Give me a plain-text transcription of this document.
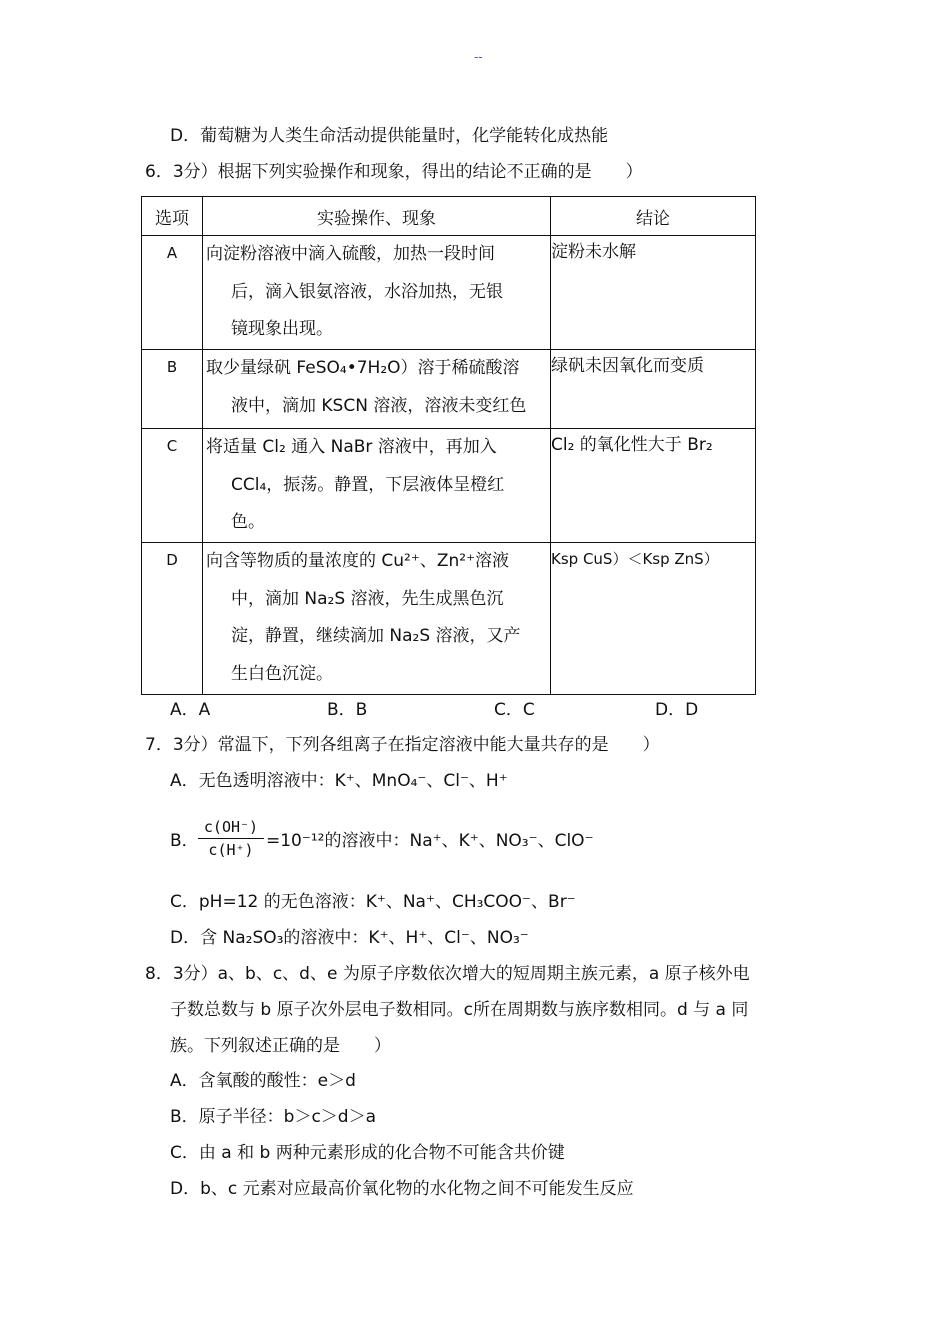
--
D．葡萄糖为人类生命活动提供能量时，化学能转化成热能
6．3分）根据下列实验操作和现象，得出的结论不正确的是　　）
选项	实验操作、现象	结论
A	向淀粉溶液中滴入硫酸，加热一段时间
后，滴入银氨溶液，水浴加热，无银
镜现象出现。	淀粉未水解
B	取少量绿矾 FeSO₄•7H₂O）溶于稀硫酸溶
液中，滴加 KSCN 溶液，溶液未变红色	绿矾未因氧化而变质
C	将适量 Cl₂ 通入 NaBr 溶液中，再加入
CCl₄，振荡。静置，下层液体呈橙红
色。	Cl₂ 的氧化性大于 Br₂
D	向含等物质的量浓度的 Cu²⁺、Zn²⁺溶液
中，滴加 Na₂S 溶液，先生成黑色沉
淀，静置，继续滴加 Na₂S 溶液，又产
生白色沉淀。	Ksp CuS）＜Ksp ZnS）
A．A	B．B	C．C	D．D
7．3分）常温下，下列各组离子在指定溶液中能大量共存的是　　）
A．无色透明溶液中：K⁺、MnO₄⁻、Cl⁻、H⁺
B． $\frac{c(OH^-)}{c(H^+)} =10^{-12}$的溶液中：Na⁺、K⁺、NO₃⁻、ClO⁻
C．pH=12 的无色溶液：K⁺、Na⁺、CH₃COO⁻、Br⁻
D．含 Na₂SO₃的溶液中：K⁺、H⁺、Cl⁻、NO₃⁻
8．3分）a、b、c、d、e 为原子序数依次增大的短周期主族元素，a 原子核外电
子数总数与 b 原子次外层电子数相同。c所在周期数与族序数相同。d 与 a 同
族。下列叙述正确的是　　）
A．含氧酸的酸性：e＞d
B．原子半径：b＞c＞d＞a
C．由 a 和 b 两种元素形成的化合物不可能含共价键
D．b、c 元素对应最高价氧化物的水化物之间不可能发生反应
